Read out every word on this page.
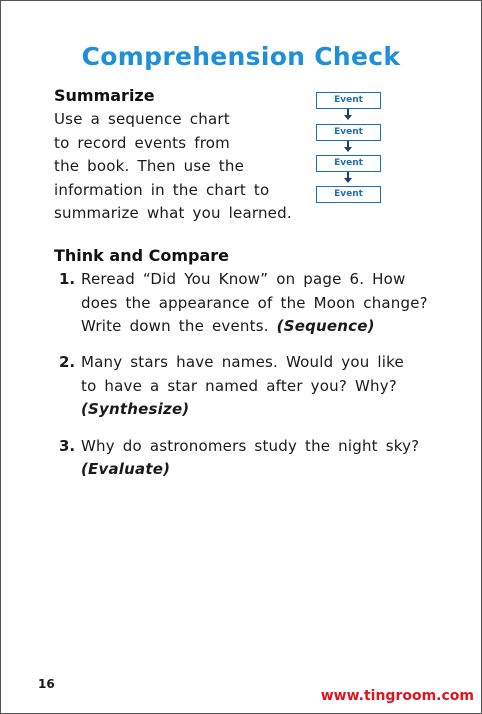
Comprehension Check
Summarize
Use a sequence chart
to record events from
the book. Then use the
information in the chart to
summarize what you learned.
Event
Event
Event
Event
Think and Compare
1. Reread “Did You Know” on page 6. How
does the appearance of the Moon change?
Write down the events. (Sequence)
2. Many stars have names. Would you like
to have a star named after you? Why?
(Synthesize)
3. Why do astronomers study the night sky?
(Evaluate)
16
www.tingroom.com
